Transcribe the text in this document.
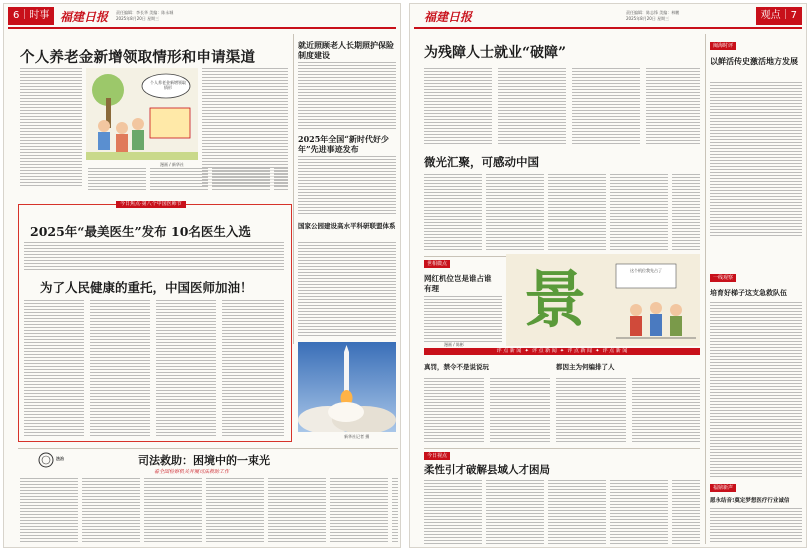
6｜时事 福建日报 责任编辑：李长华 美编：陈永城
2025年8月20日 星期三
个人养老金新增领取情形和申请渠道
个人养老金新增领取情形
漫画 / 新华社
就近照顾老人长期照护保险制度建设
2025年全国“新时代好少年”先进事迹发布
国家公园建设高水平科研联盟体系
新华社记者 摄
今日焦点·第八个中国医师节
2025年“最美医生”发布 10名医生入选
为了人民健康的重托，中国医师加油！
法治	司法救助：困境中的一束光
看全国检察机关开展司法救助工作
福建日报	责任编辑：陈志锋 美编：林鹏
2025年8月20日 星期三	观点｜7
为残障人士就业“破障”
微光汇聚，可感动中国
闽海时评
以鲜活传史激活地方发展
一线观察
培育好梯子这支急救队伍
福鼎新声
愿永结音!奠定梦想医疗行业诚信
世相微点
网红机位岂是谁占谁有理	景	这个机位我先占了
漫画 / 陈彬
评 点 新 闻  ✦  评 点 新 闻  ✦  评 点 新 闻  ✦  评 点 新 闻
真罚，禁令不是说说玩	都因主为何编排了人
今日视点
柔性引才破解县域人才困局
